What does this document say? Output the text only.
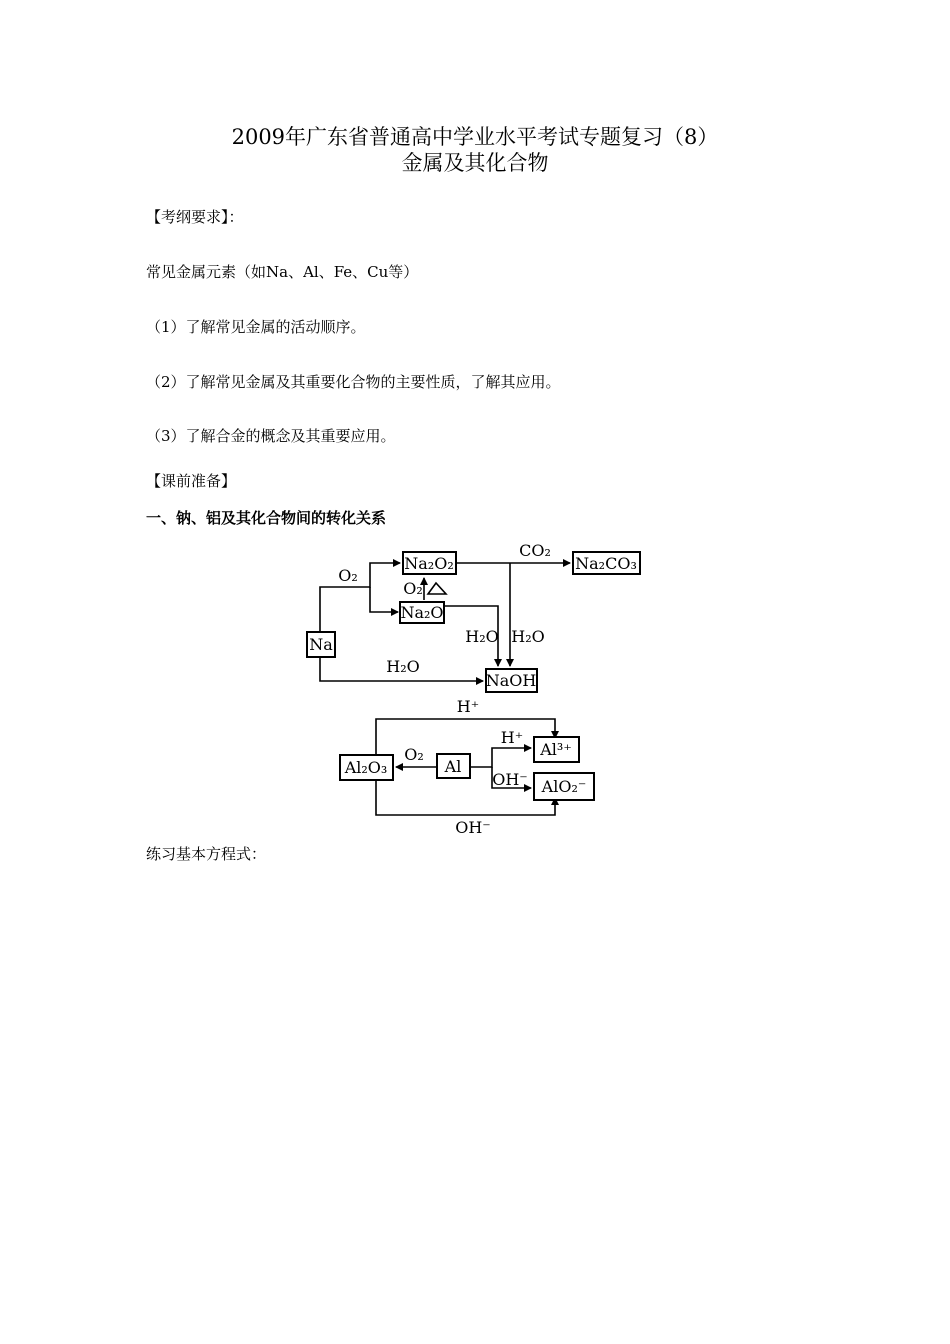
2009年广东省普通高中学业水平考试专题复习（8）
金属及其化合物
【考纲要求】：
常见金属元素（如Na、Al、Fe、Cu等）
（1）了解常见金属的活动顺序。
（2）了解常见金属及其重要化合物的主要性质，了解其应用。
（3）了解合金的概念及其重要应用。
【课前准备】
一、钠、铝及其化合物间的转化关系
练习基本方程式：
Na
Na₂O₂
Na₂O
Na₂CO₃
NaOH
O₂
O₂
CO₂
H₂O H₂O
H₂O
Al₂O₃	Al
Al³⁺
AlO₂⁻
H⁺
H⁺
O₂
OH⁻
OH⁻
